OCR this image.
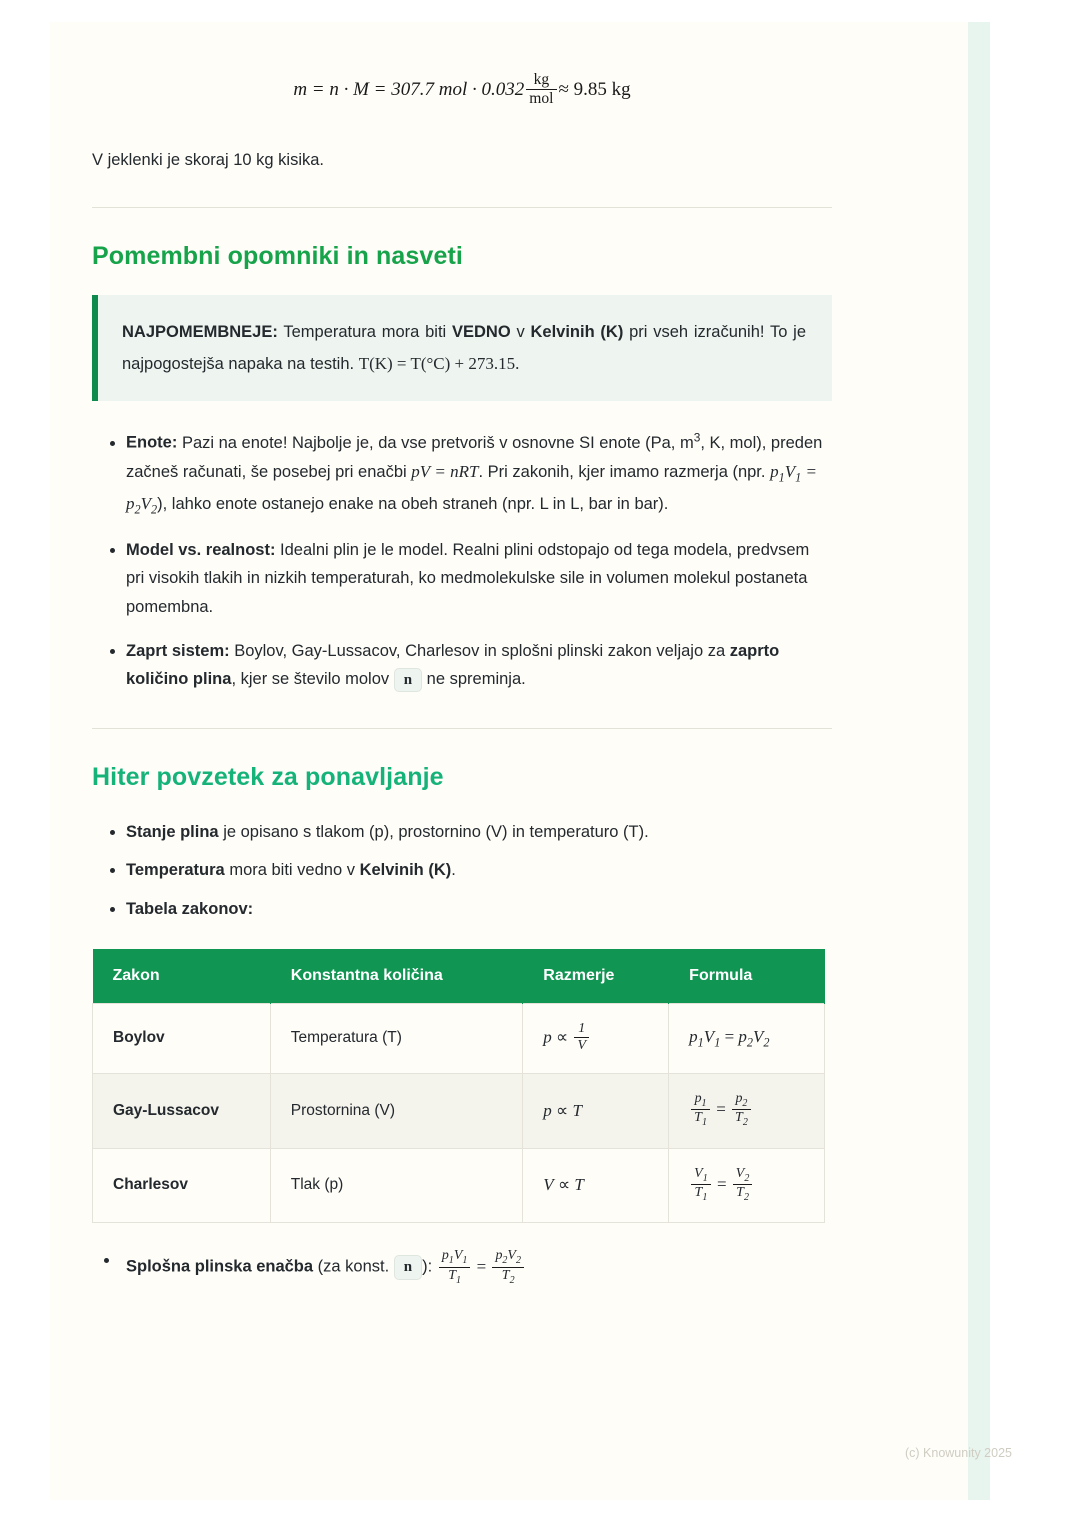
m = n · M = 307.7 mol · $0.032 \frac{kg}{\text{mol}} \approx 9.85$ kg
V jeklenki je skoraj 10 kg kisika.
Pomembni opomniki in nasveti
NAJPOMEMBNEJE: Temperatura mora biti VEDNO v Kelvinih (K) pri vseh izračunih! To je najpogostejša napaka na testih. T(K) = T(°C) + 273.15.
• Enote: Pazi na enote! Najbolje je, da vse pretvoriš v osnovne SI enote (Pa, $m^3$, K, mol), preden začneš računati, še posebej pri enačbi pV = nRT. Pri zakonih, kjer imamo razmerja (npr. $p_1V_1 = p_2V_2$), lahko enote ostanejo enake na obeh straneh (npr. L in L, bar in bar).
• Model vs. realnost: Idealni plin je le model. Realni plini odstopajo od tega modela, predvsem pri visokih tlakih in nizkih temperaturah, ko medmolekulske sile in volumen molekul postaneta pomembna.
• Zaprt sistem: Boylov, Gay-Lussacov, Charlesov in splošni plinski zakon veljajo za zaprto količino plina, kjer se število molov n ne spreminja.
Hiter povzetek za ponavljanje
• Stanje plina je opisano s tlakom (p), prostornino (V) in temperaturo (T).
• Temperatura mora biti vedno v Kelvinih (K).
• Tabela zakonov:
Zakon	Konstantna količina	Razmerje	Formula
Boylov	Temperatura (T)	$p \propto \frac{1}{V}$	$p_1V_1 = p_2V_2$
Gay-Lussacov	Prostornina (V)	p ∝ T	$\frac{p_1}{T_1} = \frac{p_2}{T_2}$

Charlesov	Tlak (p)	V ∝ T	$\frac{V_1}{T_1} = \frac{V_2}{T_2}$
Splošna plinska enačba (za konst. n ): $\frac{p_1V_1}{T_1} = \frac{p_2V_2}{T_2}$
(c) Knowunity 2025
